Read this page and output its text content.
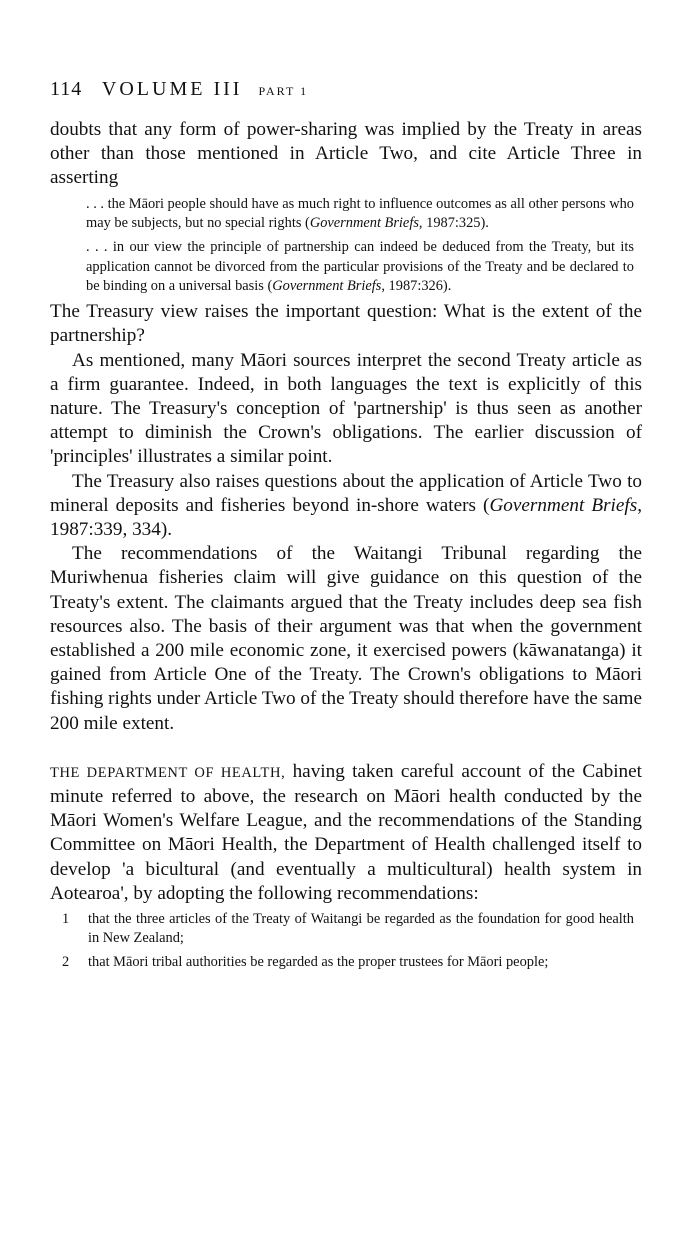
114 VOLUME III PART 1

doubts that any form of power-sharing was implied by the Treaty in areas other than those mentioned in Article Two, and cite Article Three in asserting

. . . the Māori people should have as much right to influence outcomes as all other persons who may be subjects, but no special rights (Government Briefs, 1987:325).

. . . in our view the principle of partnership can indeed be deduced from the Treaty, but its application cannot be divorced from the particular provisions of the Treaty and be declared to be binding on a universal basis (Government Briefs, 1987:326).

The Treasury view raises the important question: What is the extent of the partnership?

As mentioned, many Māori sources interpret the second Treaty article as a firm guarantee. Indeed, in both languages the text is explicitly of this nature. The Treasury's conception of 'partnership' is thus seen as another attempt to diminish the Crown's obligations. The earlier discussion of 'principles' illustrates a similar point.

The Treasury also raises questions about the application of Article Two to mineral deposits and fisheries beyond in-shore waters (Government Briefs, 1987:339, 334).

The recommendations of the Waitangi Tribunal regarding the Muriwhenua fisheries claim will give guidance on this question of the Treaty's extent. The claimants argued that the Treaty includes deep sea fish resources also. The basis of their argument was that when the government established a 200 mile economic zone, it exercised powers (kāwanatanga) it gained from Article One of the Treaty. The Crown's obligations to Māori fishing rights under Article Two of the Treaty should therefore have the same 200 mile extent.

THE DEPARTMENT OF HEALTH, having taken careful account of the Cabinet minute referred to above, the research on Māori health conducted by the Māori Women's Welfare League, and the recommendations of the Standing Committee on Māori Health, the Department of Health challenged itself to develop 'a bicultural (and eventually a multicultural) health system in Aotearoa', by adopting the following recommendations:

1 that the three articles of the Treaty of Waitangi be regarded as the foundation for good health in New Zealand;
2 that Māori tribal authorities be regarded as the proper trustees for Māori people;
